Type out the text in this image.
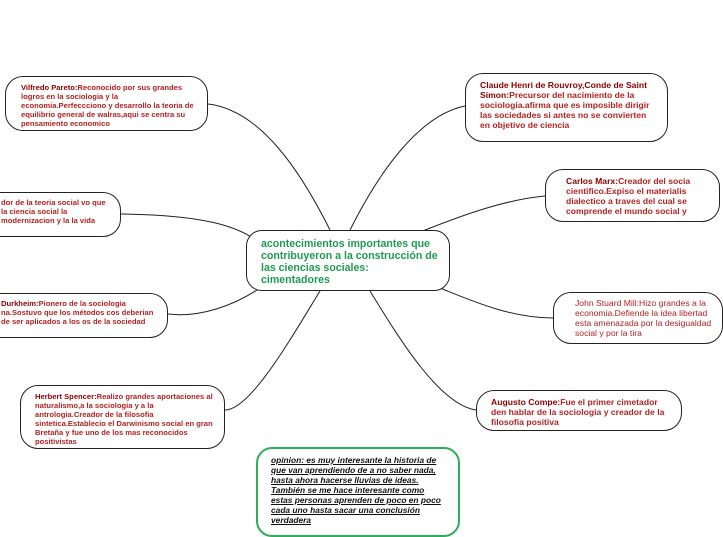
acontecimientos importantes que contribuyeron a la construcción de las ciencias sociales: cimentadores
Vilfredo Pareto:Reconocido por sus grandes logros en la sociologia y la economia.Perfeccciono y desarrollo la teoria de equilibrio general de walras,aqui se centra su pensamiento economico
dor de la teoria social vo que la ciencia social la modernizacion y la la vida
Durkheim:Pionero de la sociologia na.Sostuvo que los métodos cos deberian de ser aplicados a los os de la sociedad
Herbert Spencer:Realizo grandes aportaciones al naturalismo,a la sociologia y a la antrologia.Creador de la filosofia sintetica.Establecio el Darwinismo social en gran Bretaña y fue uno de los mas reconocidos positivistas
Claude Henri de Rouvroy,Conde de Saint Simon:Precursor del nacimiento de la sociologia.afirma que es imposible dirigir las sociedades si antes no se convierten en objetivo de ciencia
Carlos Marx:Creador del socia cientifico.Expiso el materialis dialectico a traves del cual se comprende el mundo social y
John Stuard Mill:Hizo grandes a la economia.Defiende la idea libertad esta amenazada por la desigualdad social y por la tira
Augusto Compe:Fue el primer cimetador den hablar de la sociologia y creador de la filosofia positiva
opinion: es muy interesante la historia de que van aprendiendo de a no saber nada, hasta ahora hacerse lluvias de ideas. También se me hace interesante como estas personas aprenden de poco en poco cada uno hasta sacar una conclusión verdadera
